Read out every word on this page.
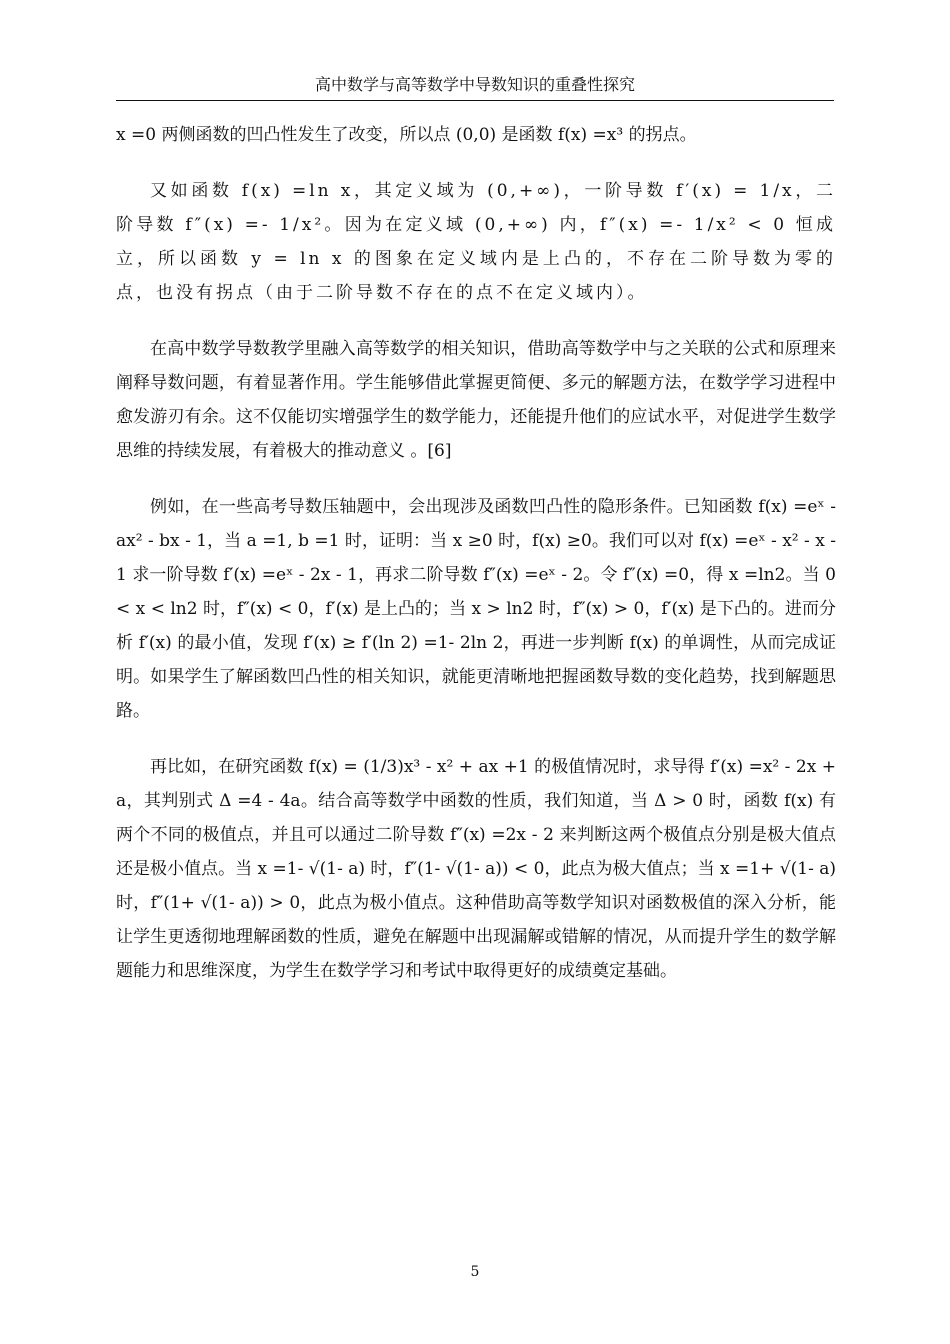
高中数学与高等数学中导数知识的重叠性探究

x =0 两侧函数的凹凸性发生了改变，所以点 (0,0) 是函数 f(x) =x³ 的拐点。

又如函数 f(x) =ln x，其定义域为 (0,+∞)，一阶导数 f′(x) = 1/x，二阶导数 f″(x) =- 1/x²。因为在定义域 (0,+∞) 内，f″(x) =- 1/x² < 0 恒成立，所以函数 y = ln x 的图象在定义域内是上凸的，不存在二阶导数为零的点，也没有拐点（由于二阶导数不存在的点不在定义域内）。

在高中数学导数教学里融入高等数学的相关知识，借助高等数学中与之关联的公式和原理来阐释导数问题，有着显著作用。学生能够借此掌握更简便、多元的解题方法，在数学学习进程中愈发游刃有余。这不仅能切实增强学生的数学能力，还能提升他们的应试水平，对促进学生数学思维的持续发展，有着极大的推动意义 。[6]

例如，在一些高考导数压轴题中，会出现涉及函数凹凸性的隐形条件。已知函数 f(x) =eˣ - ax² - bx - 1，当 a =1, b =1 时，证明：当 x ≥0 时，f(x) ≥0。我们可以对 f(x) =eˣ - x² - x - 1 求一阶导数 f′(x) =eˣ - 2x - 1，再求二阶导数 f″(x) =eˣ - 2。令 f″(x) =0，得 x =ln2。当 0 < x < ln2 时，f″(x) < 0，f′(x) 是上凸的；当 x > ln2 时，f″(x) > 0，f′(x) 是下凸的。进而分析 f′(x) 的最小值，发现 f′(x) ≥ f′(ln 2) =1- 2ln 2，再进一步判断 f(x) 的单调性，从而完成证明。如果学生了解函数凹凸性的相关知识，就能更清晰地把握函数导数的变化趋势，找到解题思路。

再比如，在研究函数 f(x) = (1/3)x³ - x² + ax +1 的极值情况时，求导得 f′(x) =x² - 2x + a，其判别式 Δ =4 - 4a。结合高等数学中函数的性质，我们知道，当 Δ > 0 时，函数 f(x) 有两个不同的极值点，并且可以通过二阶导数 f″(x) =2x - 2 来判断这两个极值点分别是极大值点还是极小值点。当 x =1- √(1- a) 时，f″(1- √(1- a)) < 0，此点为极大值点；当 x =1+ √(1- a) 时，f″(1+ √(1- a)) > 0，此点为极小值点。这种借助高等数学知识对函数极值的深入分析，能让学生更透彻地理解函数的性质，避免在解题中出现漏解或错解的情况，从而提升学生的数学解题能力和思维深度，为学生在数学学习和考试中取得更好的成绩奠定基础。

5
